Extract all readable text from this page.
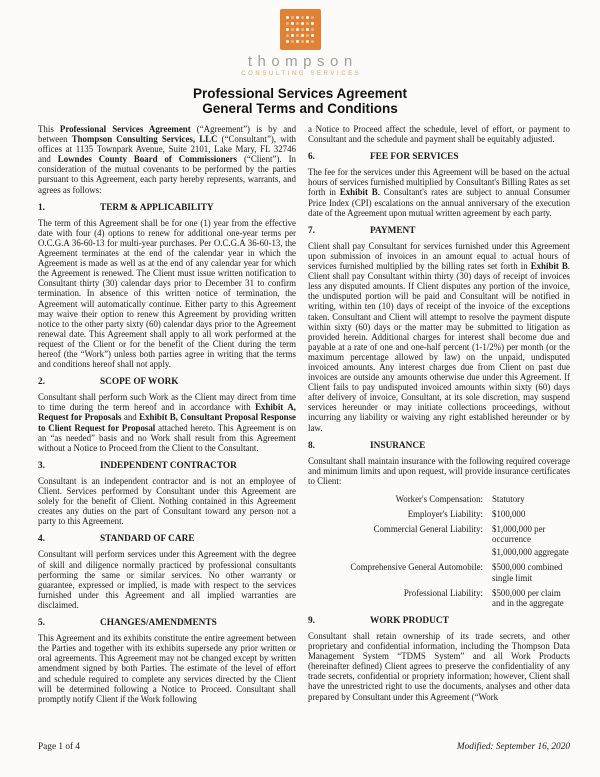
thompson
CONSULTING SERVICES
Professional Services Agreement
General Terms and Conditions
This Professional Services Agreement (“Agreement”) is by and between Thompson Consulting Services, LLC (“Consultant”), with offices at 1135 Townpark Avenue, Suite 2101, Lake Mary, FL 32746 and Lowndes County Board of Commissioners (“Client”). In consideration of the mutual covenants to be performed by the parties pursuant to this Agreement, each party hereby represents, warrants, and agrees as follows:
1.	TERM & APPLICABILITY
The term of this Agreement shall be for one (1) year from the effective date with four (4) options to renew for additional one-year terms per O.C.G.A 36-60-13 for multi-year purchases. Per O.C.G.A 36-60-13, the Agreement terminates at the end of the calendar year in which the Agreement is made as well as at the end of any calendar year for which the Agreement is renewed. The Client must issue written notification to Consultant thirty (30) calendar days prior to December 31 to confirm termination. In absence of this written notice of termination, the Agreement will automatically continue. Either party to this Agreement may waive their option to renew this Agreement by providing written notice to the other party sixty (60) calendar days prior to the Agreement renewal date. This Agreement shall apply to all work performed at the request of the Client or for the benefit of the Client during the term hereof (the “Work”) unless both parties agree in writing that the terms and conditions hereof shall not apply.
2.	SCOPE OF WORK
Consultant shall perform such Work as the Client may direct from time to time during the term hereof and in accordance with Exhibit A, Request for Proposals and Exhibit B, Consultant Proposal Response to Client Request for Proposal attached hereto. This Agreement is on an “as needed” basis and no Work shall result from this Agreement without a Notice to Proceed from the Client to the Consultant.
3.	INDEPENDENT CONTRACTOR
Consultant is an independent contractor and is not an employee of Client. Services performed by Consultant under this Agreement are solely for the benefit of Client. Nothing contained in this Agreement creates any duties on the part of Consultant toward any person not a party to this Agreement.
4.	STANDARD OF CARE
Consultant will perform services under this Agreement with the degree of skill and diligence normally practiced by professional consultants performing the same or similar services. No other warranty or guarantee, expressed or implied, is made with respect to the services furnished under this Agreement and all implied warranties are disclaimed.
5.	CHANGES/AMENDMENTS
This Agreement and its exhibits constitute the entire agreement between the Parties and together with its exhibits supersede any prior written or oral agreements. This Agreement may not be changed except by written amendment signed by both Parties. The estimate of the level of effort and schedule required to complete any services directed by the Client will be determined following a Notice to Proceed. Consultant shall promptly notify Client if the Work following
a Notice to Proceed affect the schedule, level of effort, or payment to Consultant and the schedule and payment shall be equitably adjusted.
6.	FEE FOR SERVICES
The fee for the services under this Agreement will be based on the actual hours of services furnished multiplied by Consultant's Billing Rates as set forth in Exhibit B. Consultant's rates are subject to annual Consumer Price Index (CPI) escalations on the annual anniversary of the execution date of the Agreement upon mutual written agreement by each party.
7.	PAYMENT
Client shall pay Consultant for services furnished under this Agreement upon submission of invoices in an amount equal to actual hours of services furnished multiplied by the billing rates set forth in Exhibit B. Client shall pay Consultant within thirty (30) days of receipt of invoices less any disputed amounts. If Client disputes any portion of the invoice, the undisputed portion will be paid and Consultant will be notified in writing, within ten (10) days of receipt of the invoice of the exceptions taken. Consultant and Client will attempt to resolve the payment dispute within sixty (60) days or the matter may be submitted to litigation as provided herein. Additional charges for interest shall become due and payable at a rate of one and one-half percent (1-1/2%) per month (or the maximum percentage allowed by law) on the unpaid, undisputed invoiced amounts. Any interest charges due from Client on past due invoices are outside any amounts otherwise due under this Agreement. If Client fails to pay undisputed invoiced amounts within sixty (60) days after delivery of invoice, Consultant, at its sole discretion, may suspend services hereunder or may initiate collections proceedings, without incurring any liability or waiving any right established hereunder or by law.
8.	INSURANCE
Consultant shall maintain insurance with the following required coverage and minimum limits and upon request, will provide insurance certificates to Client:
Worker's Compensation:	Statutory
Employer's Liability:	$100,000
Commercial General Liability:	$1,000,000 per occurrence
$1,000,000 aggregate
Comprehensive General Automobile:	$500,000 combined single limit
Professional Liability:	$500,000 per claim and in the aggregate
9.	WORK PRODUCT
Consultant shall retain ownership of its trade secrets, and other proprietary and confidential information, including the Thompson Data Management System “TDMS System” and all Work Products (hereinafter defined) Client agrees to preserve the confidentiality of any trade secrets, confidential or propriety information; however, Client shall have the unrestricted right to use the documents, analyses and other data prepared by Consultant under this Agreement (“Work
Page 1 of 4	Modified: September 16, 2020
